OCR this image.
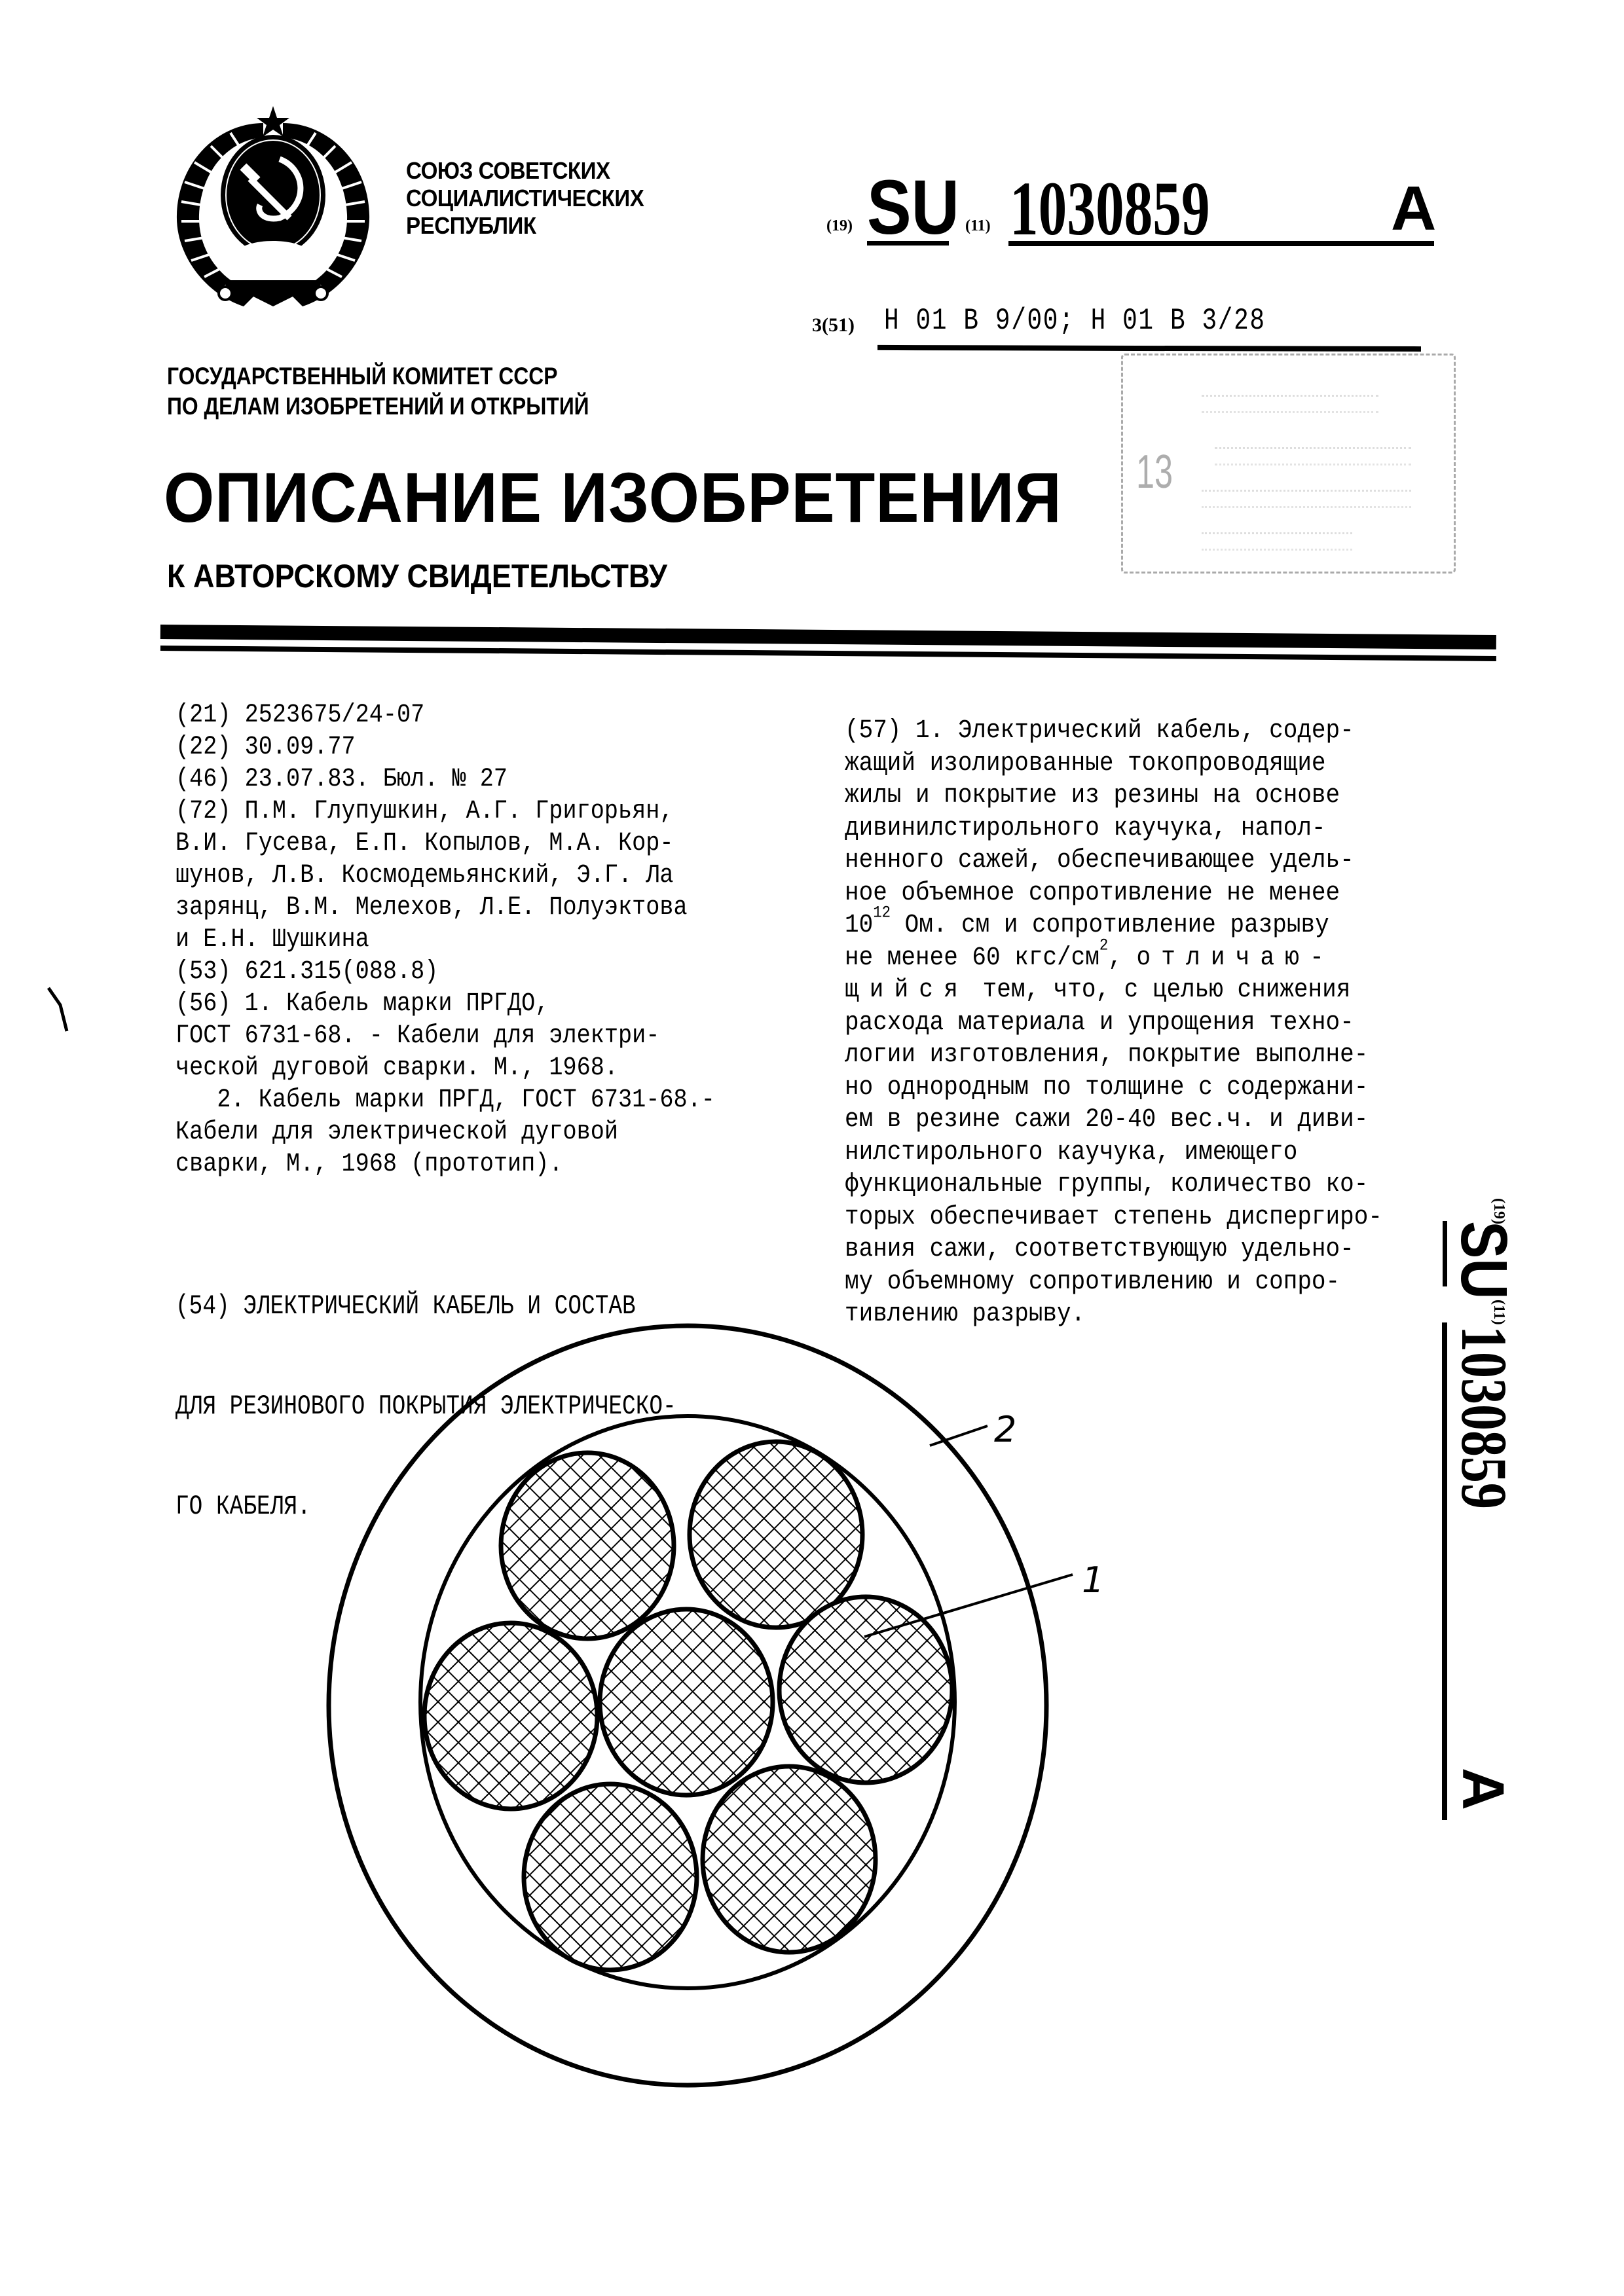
СОЮЗ СОВЕТСКИХ
СОЦИАЛИСТИЧЕСКИХ
РЕСПУБЛИК	(19) SU (11) 1030859	A
3(51) Н 01 В 9/00; Н 01 В 3/28
ГОСУДАРСТВЕННЫЙ КОМИТЕТ СССР
ПО ДЕЛАМ ИЗОБРЕТЕНИЙ И ОТКРЫТИЙ
13
ОПИСАНИЕ ИЗОБРЕТЕНИЯ
К АВТОРСКОМУ СВИДЕТЕЛЬСТВУ
(21) 2523675/24-07
(22) 30.09.77
(46) 23.07.83. Бюл. № 27
(72) П.М. Глупушкин, А.Г. Григорьян,
В.И. Гусева, Е.П. Копылов, М.А. Кор-
шунов, Л.В. Космодемьянский, Э.Г. Ла
зарянц, В.М. Мелехов, Л.Е. Полуэктова
и Е.Н. Шушкина
(53) 621.315(088.8)
(56) 1. Кабель марки ПРГДО,
ГОСТ 6731-68. - Кабели для электри-
ческой дуговой сварки. М., 1968.
2. Кабель марки ПРГД, ГОСТ 6731-68.-
Кабели для электрической дуговой
сварки, М., 1968 (прототип).

(54) ЭЛЕКТРИЧЕСКИЙ КАБЕЛЬ И СОСТАВ

ДЛЯ РЕЗИНОВОГО ПОКРЫТИЯ ЭЛЕКТРИЧЕСКО-

ГО КАБЕЛЯ.

(57) 1. Электрический кабель, содер-
жащий изолированные токопроводящие
жилы и покрытие из резины на основе
дивинилстирольного каучука, напол-
ненного сажей, обеспечивающее удель-
ное объемное сопротивление не менее
1012 Ом. см и сопротивление разрыву
не менее 60 кгс/см2, отличаю-
щийся тем, что, с целью снижения
расхода материала и упрощения техно-
логии изготовления, покрытие выполне-
но однородным по толщине с содержани-
ем в резине сажи 20-40 вес.ч. и диви-
нилстирольного каучука, имеющего
функциональные группы, количество ко-
торых обеспечивает степень диспергиро-
вания сажи, соответствующую удельно-
му объемному сопротивлению и сопро-
тивлению разрыву.
(19)
SU
(11)
1030859
A
2
1
